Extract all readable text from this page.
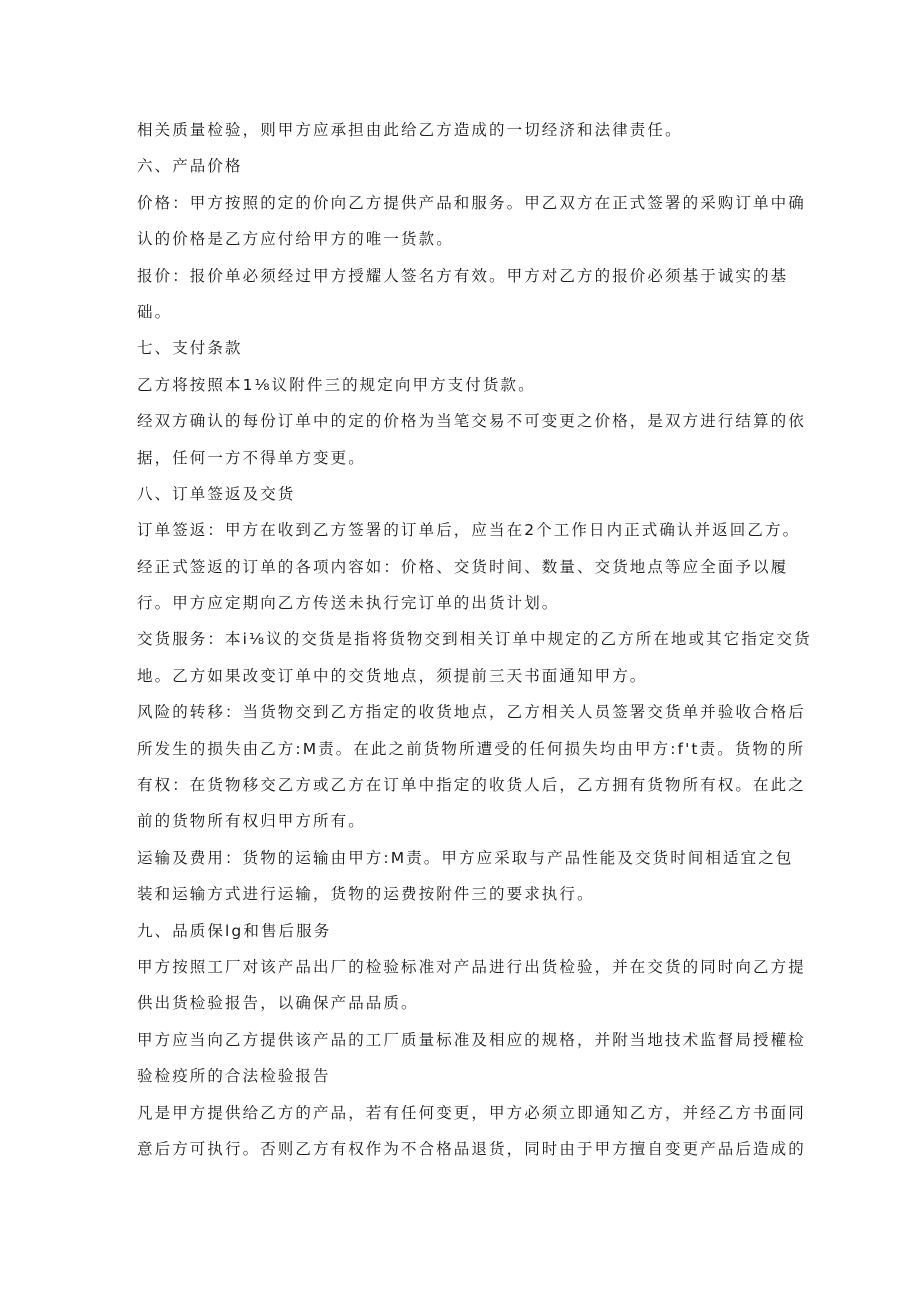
相关质量检验，则甲方应承担由此给乙方造成的一切经济和法律责任。
六、产品价格
价格：甲方按照的定的价向乙方提供产品和服务。甲乙双方在正式签署的采购订单中确
认的价格是乙方应付给甲方的唯一货款。
报价：报价单必须经过甲方授耀人签名方有效。甲方对乙方的报价必须基于诚实的基
础。
七、支付条款
乙方将按照本1⅛议附件三的规定向甲方支付货款。
经双方确认的每份订单中的定的价格为当笔交易不可变更之价格，是双方进行结算的依
据，任何一方不得单方变更。
八、订单签返及交货
订单签返：甲方在收到乙方签署的订单后，应当在2个工作日内正式确认并返回乙方。
经正式签返的订单的各项内容如：价格、交货时间、数量、交货地点等应全面予以履
行。甲方应定期向乙方传送未执行完订单的出货计划。
交货服务：本i⅛议的交货是指将货物交到相关订单中规定的乙方所在地或其它指定交货
地。乙方如果改变订单中的交货地点，须提前三天书面通知甲方。
风险的转移：当货物交到乙方指定的收货地点，乙方相关人员签署交货单并验收合格后
所发生的损失由乙方:M责。在此之前货物所遭受的任何损失均由甲方:f't责。货物的所
有权：在货物移交乙方或乙方在订单中指定的收货人后，乙方拥有货物所有权。在此之
前的货物所有权归甲方所有。
运输及费用：货物的运输由甲方:M责。甲方应采取与产品性能及交货时间相适宜之包
装和运输方式进行运输，货物的运费按附件三的要求执行。
九、品质保lg和售后服务
甲方按照工厂对该产品出厂的检验标准对产品进行出货检验，并在交货的同时向乙方提
供出货检验报告，以确保产品品质。
甲方应当向乙方提供该产品的工厂质量标准及相应的规格，并附当地技术监督局授權检
验检疫所的合法检验报告
凡是甲方提供给乙方的产品，若有任何变更，甲方必须立即通知乙方，并经乙方书面同
意后方可执行。否则乙方有权作为不合格品退货，同时由于甲方擅自变更产品后造成的
